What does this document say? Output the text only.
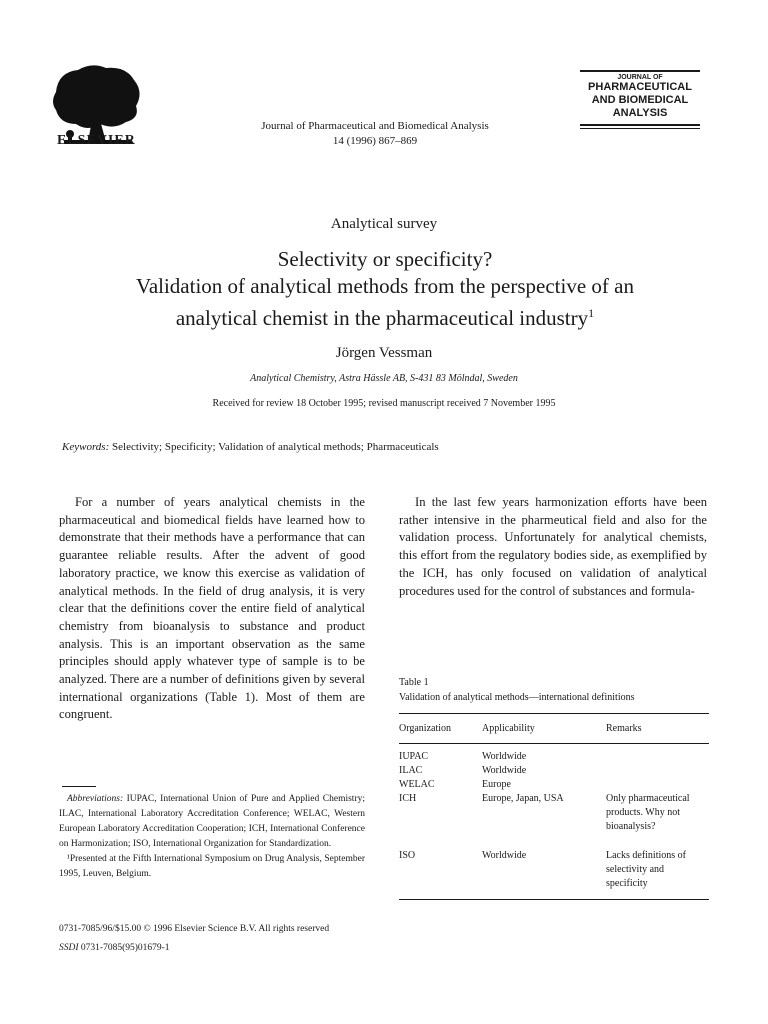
ELSEVIER
Journal of Pharmaceutical and Biomedical Analysis
14 (1996) 867–869
JOURNAL OF
PHARMACEUTICAL
AND BIOMEDICAL
ANALYSIS
Analytical survey
Selectivity or specificity?
Validation of analytical methods from the perspective of an
analytical chemist in the pharmaceutical industry$^1$
Jörgen Vessman
Analytical Chemistry, Astra Hässle AB, S-431 83 Mölndal, Sweden
Received for review 18 October 1995; revised manuscript received 7 November 1995
Keywords: Selectivity; Specificity; Validation of analytical methods; Pharmaceuticals

For a number of years analytical chemists in the pharmaceutical and biomedical fields have learned how to demonstrate that their methods have a performance that can guarantee reliable results. After the advent of good laboratory practice, we know this exercise as validation of analytical methods. In the field of drug analysis, it is very clear that the definitions cover the entire field of analytical chemistry from bioanalysis to substance and product analysis. This is an important observation as the same principles should apply whatever type of sample is to be analyzed. There are a number of definitions given by several international organizations (Table 1). Most of them are congruent.

In the last few years harmonization efforts have been rather intensive in the pharmeutical field and also for the validation process. Unfortunately for analytical chemists, this effort from the regulatory bodies side, as exemplified by the ICH, has only focused on validation of analytical procedures used for the control of substances and formula-

Abbreviations: IUPAC, International Union of Pure and Applied Chemistry; ILAC, International Laboratory Accreditation Conference; WELAC, Western European Laboratory Accreditation Cooperation; ICH, International Conference on Harmonization; ISO, International Organization for Standardization.

¹Presented at the Fifth International Symposium on Drug Analysis, September 1995, Leuven, Belgium.

Table 1
Validation of analytical methods—international definitions
Organization	Applicability	Remarks
IUPAC	Worldwide
ILAC	Worldwide
WELAC	Europe
ICH	Europe, Japan, USA	Only pharmaceutical products. Why not bioanalysis?
ISO	Worldwide	Lacks definitions of selectivity and specificity
0731-7085/96/$15.00 © 1996 Elsevier Science B.V. All rights reserved
SSDI 0731-7085(95)01679-1
